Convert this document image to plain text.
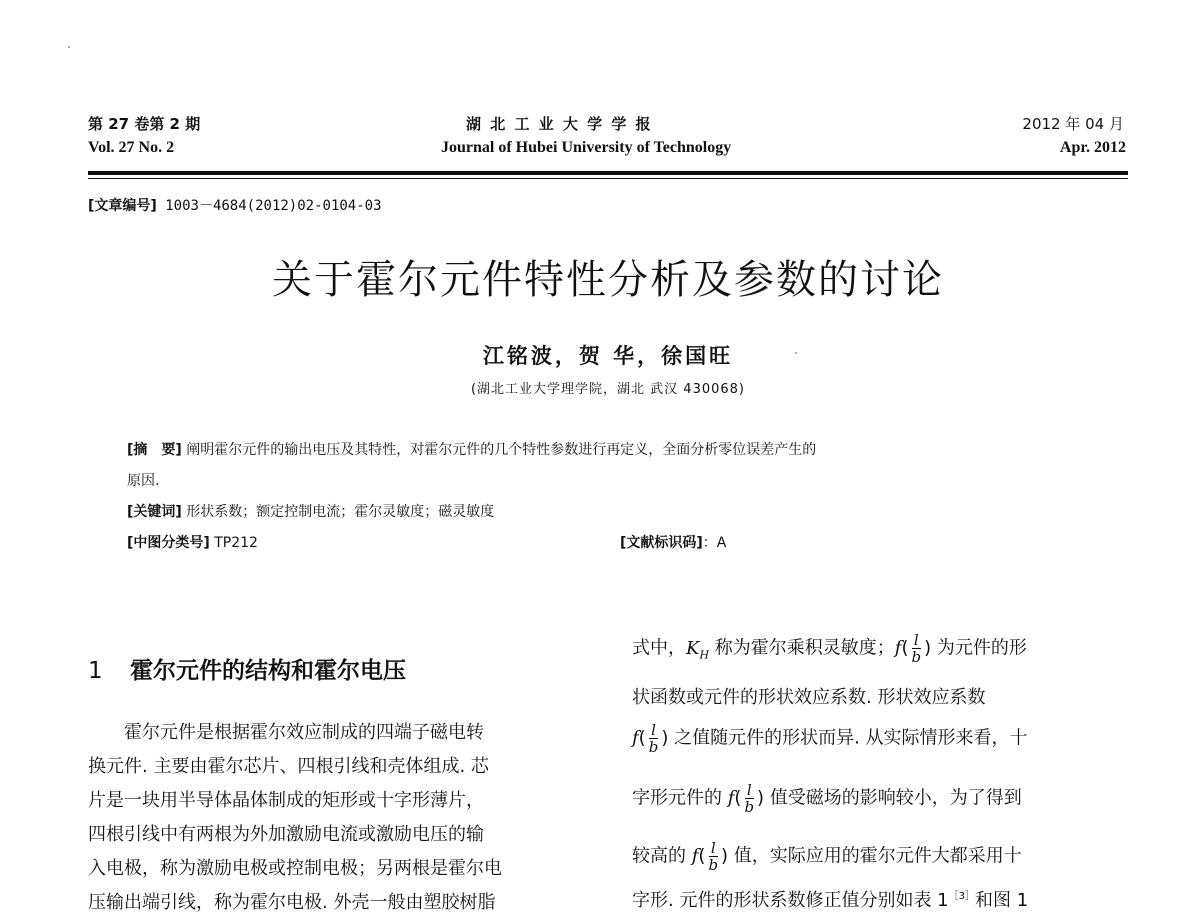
第 27 卷第 2 期
Vol. 27 No. 2
湖 北 工 业 大 学 学 报
Journal of Hubei University of Technology
2012 年 04 月
Apr. 2012
[文章编号] 1003－4684(2012)02-0104-03
关于霍尔元件特性分析及参数的讨论
江铭波，贺 华，徐国旺
(湖北工业大学理学院，湖北 武汉 430068)
[摘　要] 阐明霍尔元件的输出电压及其特性，对霍尔元件的几个特性参数进行再定义，全面分析零位误差产生的
原因.
[关键词] 形状系数；额定控制电流；霍尔灵敏度；磁灵敏度
[中图分类号] TP212	[文献标识码]：A
1 霍尔元件的结构和霍尔电压
　　霍尔元件是根据霍尔效应制成的四端子磁电转
换元件. 主要由霍尔芯片、四根引线和壳体组成. 芯
片是一块用半导体晶体制成的矩形或十字形薄片，
四根引线中有两根为外加激励电流或激励电压的输
入电极，称为激励电极或控制电极；另两根是霍尔电
压输出端引线，称为霍尔电极. 外壳一般由塑胶树脂
式中，$K_H$ 称为霍尔乘积灵敏度；$f( \frac{l}{b}$ ) 为元件的形
状函数或元件的形状效应系数. 形状效应系数
$f( \frac{l}{b}$ ) 之值随元件的形状而异. 从实际情形来看，十
字形元件的 $f( \frac{l}{b}$ ) 值受磁场的影响较小，为了得到
较高的 $f( \frac{l}{b}$ ) 值，实际应用的霍尔元件大都采用十
字形. 元件的形状系数修正值分别如表 $1^{[3]}$和图 1
